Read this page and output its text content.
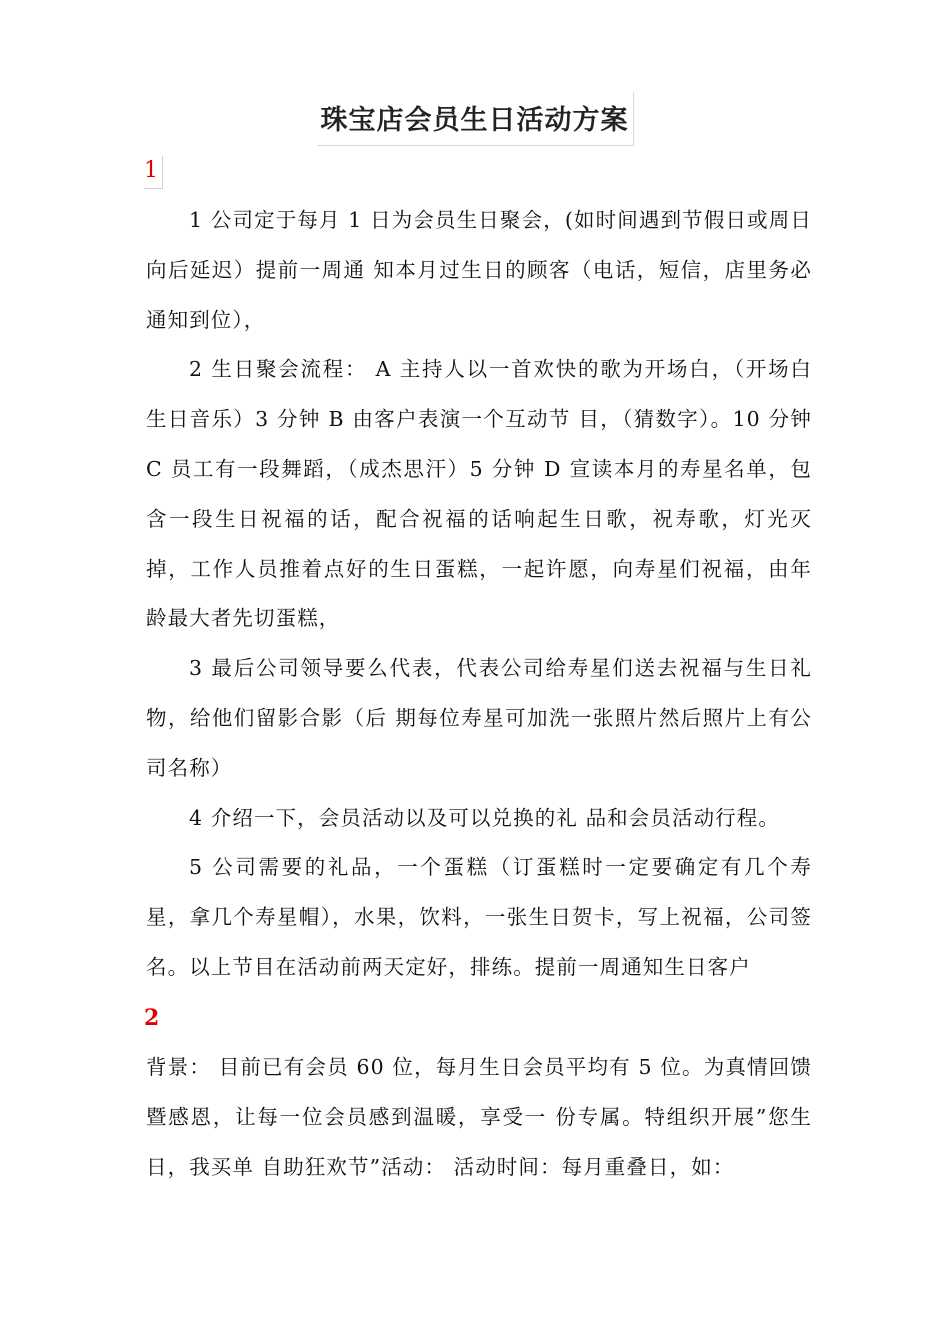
珠宝店会员生日活动方案
1

1 公司定于每月 1 日为会员生日聚会，(如时间遇到节假日或周日向后延迟）提前一周通 知本月过生日的顾客（电话，短信，店里务必通知到位），

2 生日聚会流程： A 主持人以一首欢快的歌为开场白，（开场白生日音乐）3 分钟 B 由客户表演一个互动节 目，（猜数字）。10 分钟 C 员工有一段舞蹈，（成杰思汗）5 分钟 D 宣读本月的寿星名单，包含一段生日祝福的话，配合祝福的话响起生日歌，祝寿歌，灯光灭掉，工作人员推着点好的生日蛋糕，一起许愿，向寿星们祝福，由年龄最大者先切蛋糕，

3 最后公司领导要么代表，代表公司给寿星们送去祝福与生日礼物，给他们留影合影（后 期每位寿星可加洗一张照片然后照片上有公司名称）

4 介绍一下，会员活动以及可以兑换的礼 品和会员活动行程。

5 公司需要的礼品，一个蛋糕（订蛋糕时一定要确定有几个寿星，拿几个寿星帽），水果，饮料，一张生日贺卡，写上祝福，公司签名。以上节目在活动前两天定好，排练。提前一周通知生日客户

2

背景： 目前已有会员 60 位，每月生日会员平均有 5 位。为真情回馈暨感恩，让每一位会员感到温暖，享受一 份专属。特组织开展”您生日，我买单 自助狂欢节”活动： 活动时间：每月重叠日，如：
